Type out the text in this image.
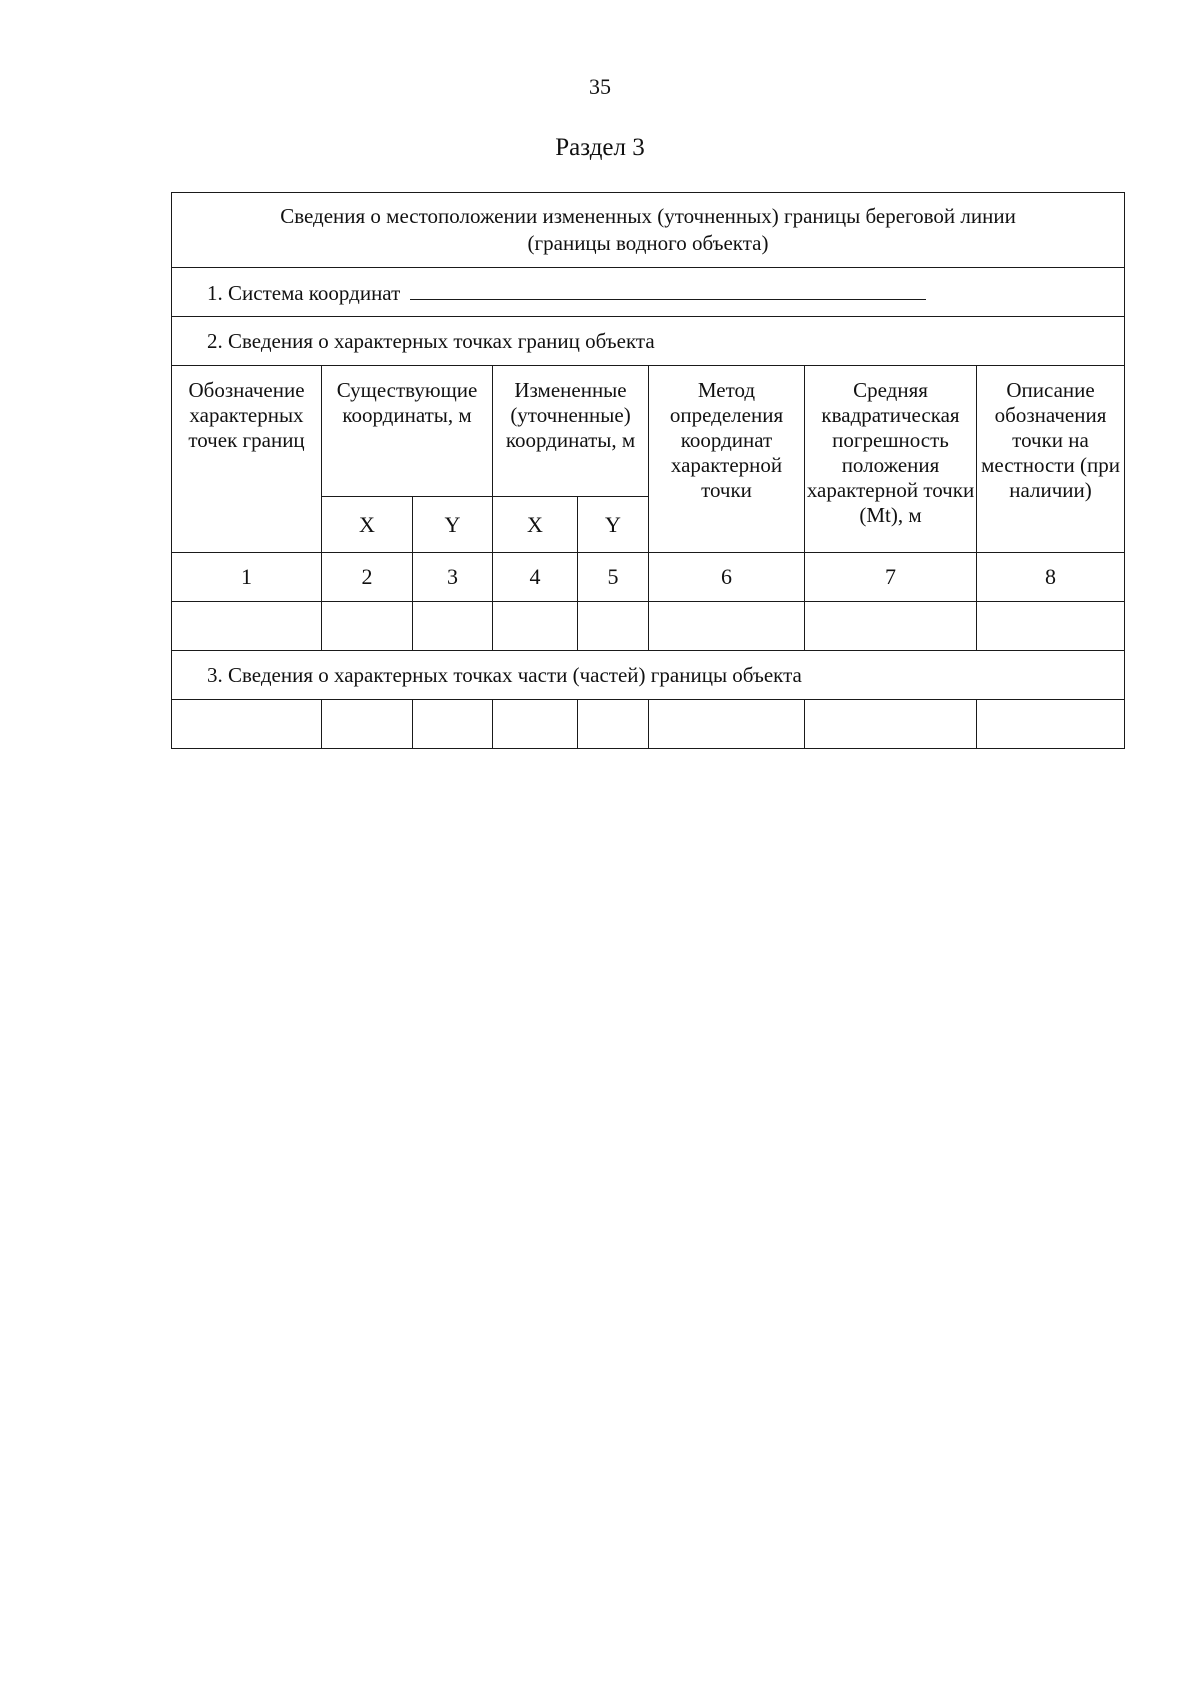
35
Раздел 3
Сведения о местоположении измененных (уточненных) границы береговой линии
(границы водного объекта)							

1. Система координат							
2. Сведения о характерных точках границ объекта							
Обозначение характерных точек границ	Существующие координаты, м		Измененные (уточненные) координаты, м		Метод определения координат характерной точки	Средняя квадратическая погрешность положения характерной точки (Mt), м	Описание обозначения точки на местности (при наличии)
	X	Y	X	Y			
1	2	3	4	5	6	7	8

3. Сведения о характерных точках части (частей) границы объекта							
